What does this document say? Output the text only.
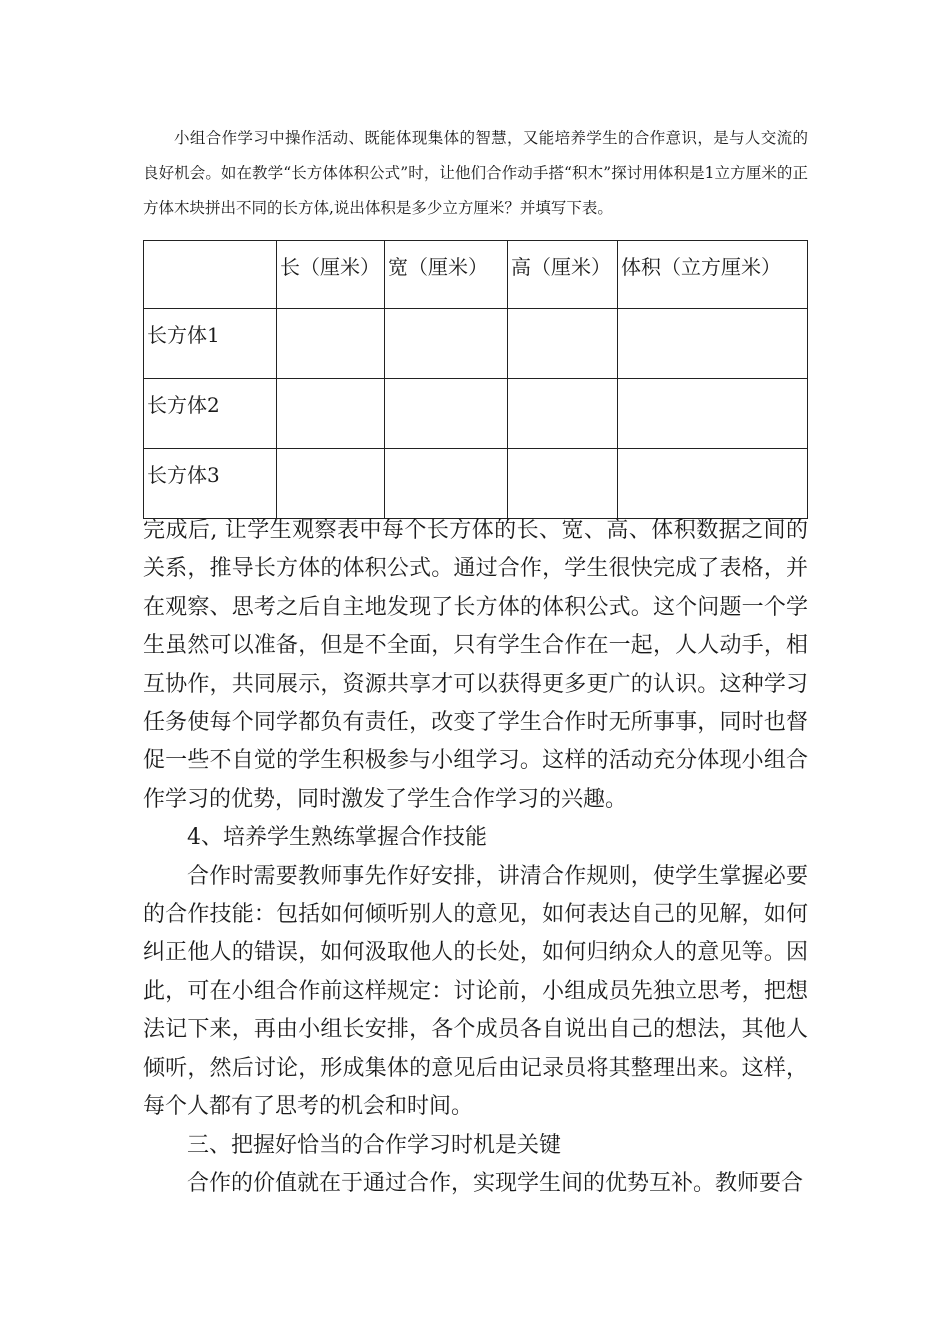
小组合作学习中操作活动、既能体现集体的智慧，又能培养学生的合作意识，是与人交流的良好机会。如在教学“长方体体积公式”时，让他们合作动手搭“积木”探讨用体积是1立方厘米的正方体木块拼出不同的长方体,说出体积是多少立方厘米？并填写下表。

	长（厘米）	宽（厘米）	高（厘米）	体积（立方厘米）
长方体1				
长方体2				
长方体3				

完成后, 让学生观察表中每个长方体的长、宽、高、体积数据之间的关系，推导长方体的体积公式。通过合作，学生很快完成了表格，并在观察、思考之后自主地发现了长方体的体积公式。这个问题一个学生虽然可以准备，但是不全面，只有学生合作在一起，人人动手，相互协作，共同展示，资源共享才可以获得更多更广的认识。这种学习任务使每个同学都负有责任，改变了学生合作时无所事事，同时也督促一些不自觉的学生积极参与小组学习。这样的活动充分体现小组合作学习的优势，同时激发了学生合作学习的兴趣。

4、培养学生熟练掌握合作技能

合作时需要教师事先作好安排，讲清合作规则，使学生掌握必要的合作技能：包括如何倾听别人的意见，如何表达自己的见解，如何纠正他人的错误，如何汲取他人的长处，如何归纳众人的意见等。因此，可在小组合作前这样规定：讨论前，小组成员先独立思考，把想法记下来，再由小组长安排，各个成员各自说出自己的想法，其他人倾听，然后讨论，形成集体的意见后由记录员将其整理出来。这样，每个人都有了思考的机会和时间。

三、把握好恰当的合作学习时机是关键

合作的价值就在于通过合作，实现学生间的优势互补。教师要合
